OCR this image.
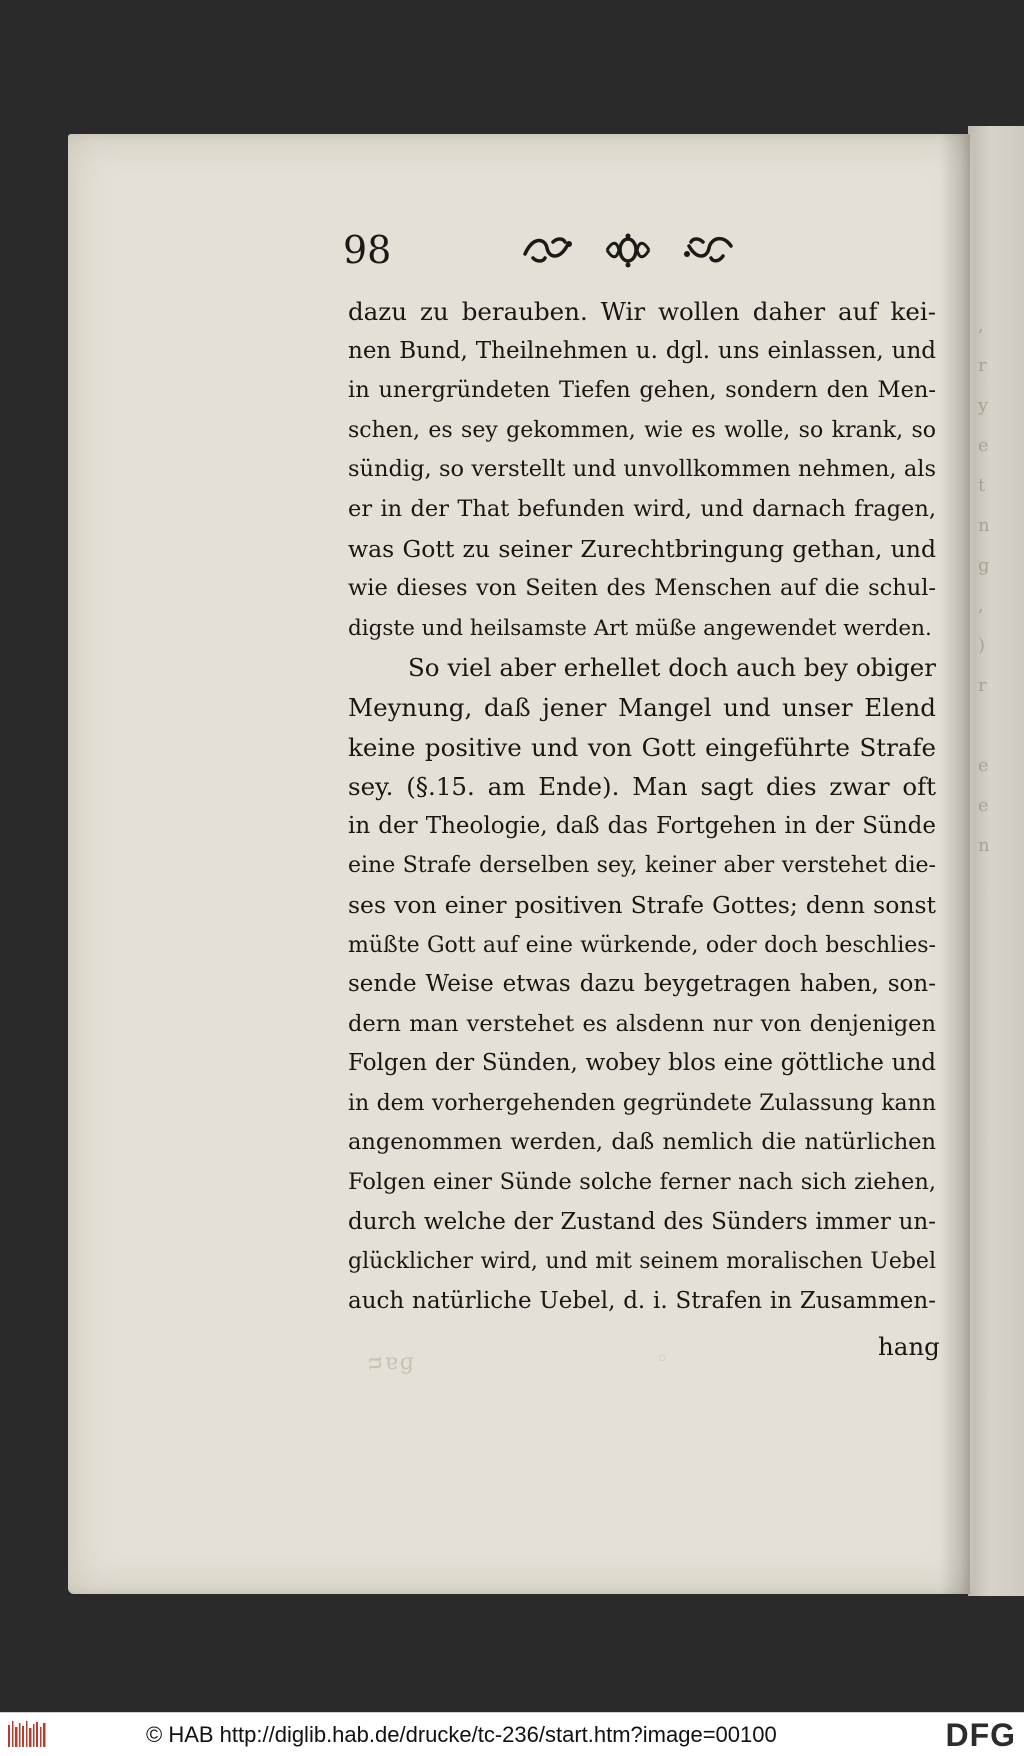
,
r
y
e
t
n
g
,
)
r

e
e
n
98
dazu zu berauben. Wir wollen daher auf kei-
nen Bund, Theilnehmen u. dgl. uns einlassen, und
in unergründeten Tiefen gehen, sondern den Men-
schen, es sey gekommen, wie es wolle, so krank, so
sündig, so verstellt und unvollkommen nehmen, als
er in der That befunden wird, und darnach fragen,
was Gott zu seiner Zurechtbringung gethan, und
wie dieses von Seiten des Menschen auf die schul-
digste und heilsamste Art müße angewendet werden.
So viel aber erhellet doch auch bey obiger
Meynung, daß jener Mangel und unser Elend
keine positive und von Gott eingeführte Strafe
sey. (§.15. am Ende). Man sagt dies zwar oft
in der Theologie, daß das Fortgehen in der Sünde
eine Strafe derselben sey, keiner aber verstehet die-
ses von einer positiven Strafe Gottes; denn sonst
müßte Gott auf eine würkende, oder doch beschlies-
sende Weise etwas dazu beygetragen haben, son-
dern man verstehet es alsdenn nur von denjenigen
Folgen der Sünden, wobey blos eine göttliche und
in dem vorhergehenden gegründete Zulassung kann
angenommen werden, daß nemlich die natürlichen
Folgen einer Sünde solche ferner nach sich ziehen,
durch welche der Zustand des Sünders immer un-
glücklicher wird, und mit seinem moralischen Uebel
auch natürliche Uebel, d. i. Strafen in Zusammen-
hang
ᴝɐɡ	◦
© HAB http://diglib.hab.de/drucke/tc-236/start.htm?image=00100	DFG
